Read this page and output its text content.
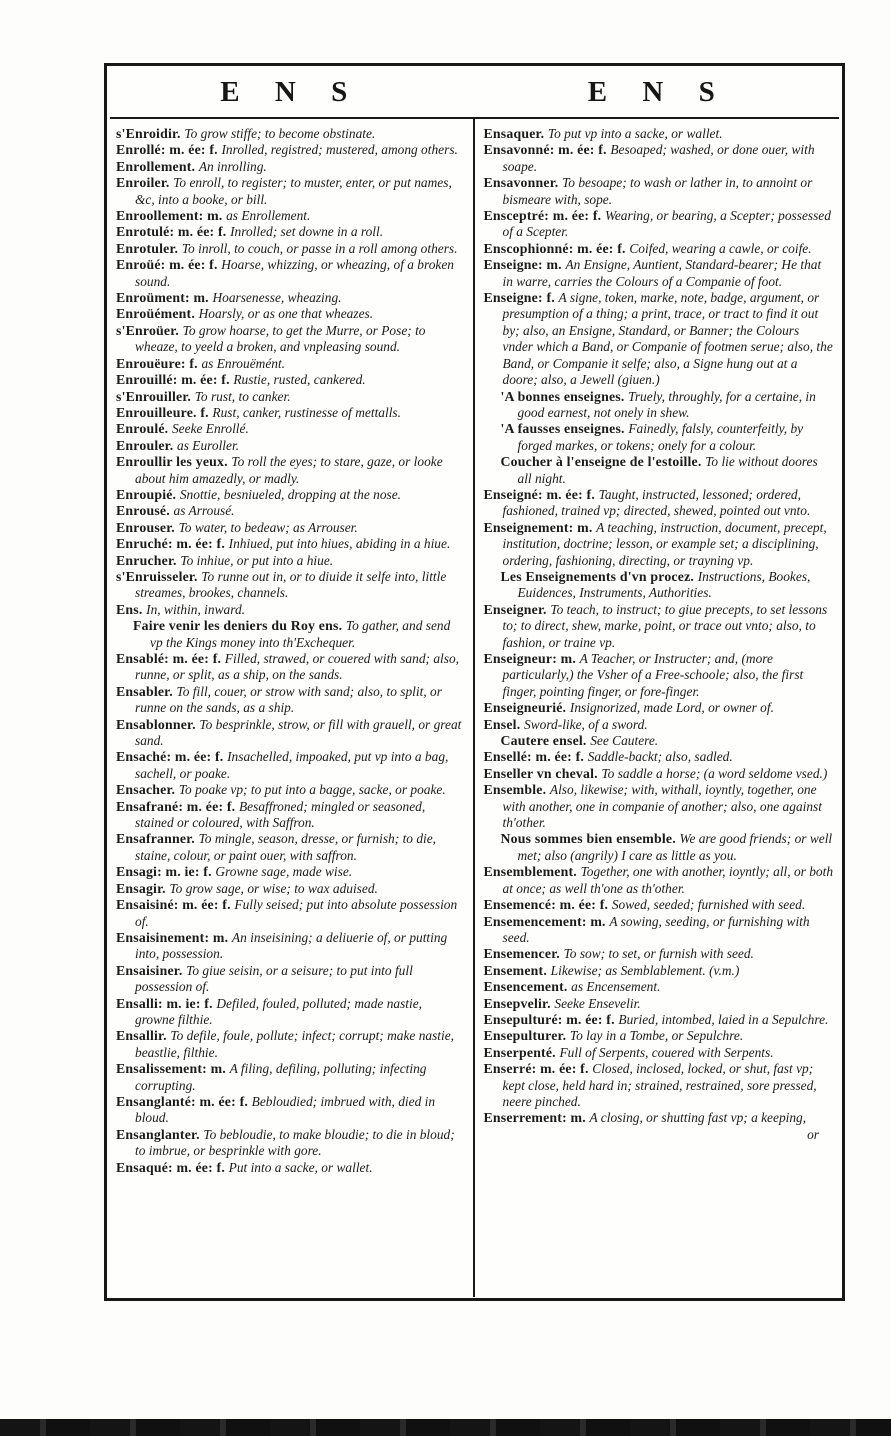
E N S	E N S
s'Enroidir. To grow stiffe; to become obstinate.
Enrollé: m. ée: f. Inrolled, registred; mustered, among others.
Enrollement. An inrolling.
Enroiler. To enroll, to register; to muster, enter, or put names, &c, into a booke, or bill.
Enroollement: m. as Enrollement.
Enrotulé: m. ée: f. Inrolled; set downe in a roll.
Enrotuler. To inroll, to couch, or passe in a roll among others.
Enroüé: m. ée: f. Hoarse, whizzing, or wheazing, of a broken sound.
Enroüment: m. Hoarsenesse, wheazing.
Enroüément. Hoarsly, or as one that wheazes.
s'Enroüer. To grow hoarse, to get the Murre, or Pose; to wheaze, to yeeld a broken, and vnpleasing sound.
Enrouëure: f. as Enrouëmént.
Enrouillé: m. ée: f. Rustie, rusted, cankered.
s'Enrouiller. To rust, to canker.
Enrouilleure. f. Rust, canker, rustinesse of mettalls.
Enroulé. Seeke Enrollé.
Enrouler. as Euroller.
Enroullir les yeux. To roll the eyes; to stare, gaze, or looke about him amazedly, or madly.
Enroupié. Snottie, besniueled, dropping at the nose.
Enrousé. as Arrousé.
Enrouser. To water, to bedeaw; as Arrouser.
Enruché: m. ée: f. Inhiued, put into hiues, abiding in a hiue.
Enrucher. To inhiue, or put into a hiue.
s'Enruisseler. To runne out in, or to diuide it selfe into, little streames, brookes, channels.
Ens. In, within, inward.
Faire venir les deniers du Roy ens. To gather, and send vp the Kings money into th'Exchequer.
Ensablé: m. ée: f. Filled, strawed, or couered with sand; also, runne, or split, as a ship, on the sands.
Ensabler. To fill, couer, or strow with sand; also, to split, or runne on the sands, as a ship.
Ensablonner. To besprinkle, strow, or fill with grauell, or great sand.
Ensaché: m. ée: f. Insachelled, impoaked, put vp into a bag, sachell, or poake.
Ensacher. To poake vp; to put into a bagge, sacke, or poake.
Ensafrané: m. ée: f. Besaffroned; mingled or seasoned, stained or coloured, with Saffron.
Ensafranner. To mingle, season, dresse, or furnish; to die, staine, colour, or paint ouer, with saffron.
Ensagi: m. ie: f. Growne sage, made wise.
Ensagir. To grow sage, or wise; to wax aduised.
Ensaisiné: m. ée: f. Fully seised; put into absolute possession of.
Ensaisinement: m. An inseisining; a deliuerie of, or putting into, possession.
Ensaisiner. To giue seisin, or a seisure; to put into full possession of.
Ensalli: m. ie: f. Defiled, fouled, polluted; made nastie, growne filthie.
Ensallir. To defile, foule, pollute; infect; corrupt; make nastie, beastlie, filthie.
Ensalissement: m. A filing, defiling, polluting; infecting corrupting.
Ensanglanté: m. ée: f. Bebloudied; imbrued with, died in bloud.
Ensanglanter. To bebloudie, to make bloudie; to die in bloud; to imbrue, or besprinkle with gore.
Ensaqué: m. ée: f. Put into a sacke, or wallet.
Ensaquer. To put vp into a sacke, or wallet.
Ensavonné: m. ée: f. Besoaped; washed, or done ouer, with soape.
Ensavonner. To besoape; to wash or lather in, to annoint or bismeare with, sope.
Ensceptré: m. ée: f. Wearing, or bearing, a Scepter; possessed of a Scepter.
Enscophionné: m. ée: f. Coifed, wearing a cawle, or coife.
Enseigne: m. An Ensigne, Auntient, Standard-bearer; He that in warre, carries the Colours of a Companie of foot.
Enseigne: f. A signe, token, marke, note, badge, argument, or presumption of a thing; a print, trace, or tract to find it out by; also, an Ensigne, Standard, or Banner; the Colours vnder which a Band, or Companie of footmen serue; also, the Band, or Companie it selfe; also, a Signe hung out at a doore; also, a Jewell (giuen.)
'A bonnes enseignes. Truely, throughly, for a certaine, in good earnest, not onely in shew.
'A fausses enseignes. Fainedly, falsly, counterfeitly, by forged markes, or tokens; onely for a colour.
Coucher à l'enseigne de l'estoille. To lie without doores all night.
Enseigné: m. ée: f. Taught, instructed, lessoned; ordered, fashioned, trained vp; directed, shewed, pointed out vnto.
Enseignement: m. A teaching, instruction, document, precept, institution, doctrine; lesson, or example set; a disciplining, ordering, fashioning, directing, or trayning vp.
Les Enseignements d'vn procez. Instructions, Bookes, Euidences, Instruments, Authorities.
Enseigner. To teach, to instruct; to giue precepts, to set lessons to; to direct, shew, marke, point, or trace out vnto; also, to fashion, or traine vp.
Enseigneur: m. A Teacher, or Instructer; and, (more particularly,) the Vsher of a Free-schoole; also, the first finger, pointing finger, or fore-finger.
Enseigneurié. Insignorized, made Lord, or owner of.
Ensel. Sword-like, of a sword.
Cautere ensel. See Cautere.
Ensellé: m. ée: f. Saddle-backt; also, sadled.
Enseller vn cheval. To saddle a horse; (a word seldome vsed.)
Ensemble. Also, likewise; with, withall, ioyntly, together, one with another, one in companie of another; also, one against th'other.
Nous sommes bien ensemble. We are good friends; or well met; also (angrily) I care as little as you.
Ensemblement. Together, one with another, ioyntly; all, or both at once; as well th'one as th'other.
Ensemencé: m. ée: f. Sowed, seeded; furnished with seed.
Ensemencement: m. A sowing, seeding, or furnishing with seed.
Ensemencer. To sow; to set, or furnish with seed.
Ensement. Likewise; as Semblablement. (v.m.)
Ensencement. as Encensement.
Ensepvelir. Seeke Ensevelir.
Ensepulturé: m. ée: f. Buried, intombed, laied in a Sepulchre.
Ensepulturer. To lay in a Tombe, or Sepulchre.
Enserpenté. Full of Serpents, couered with Serpents.
Enserré: m. ée: f. Closed, inclosed, locked, or shut, fast vp; kept close, held hard in; strained, restrained, sore pressed, neere pinched.
Enserrement: m. A closing, or shutting fast vp; a keeping,
or
